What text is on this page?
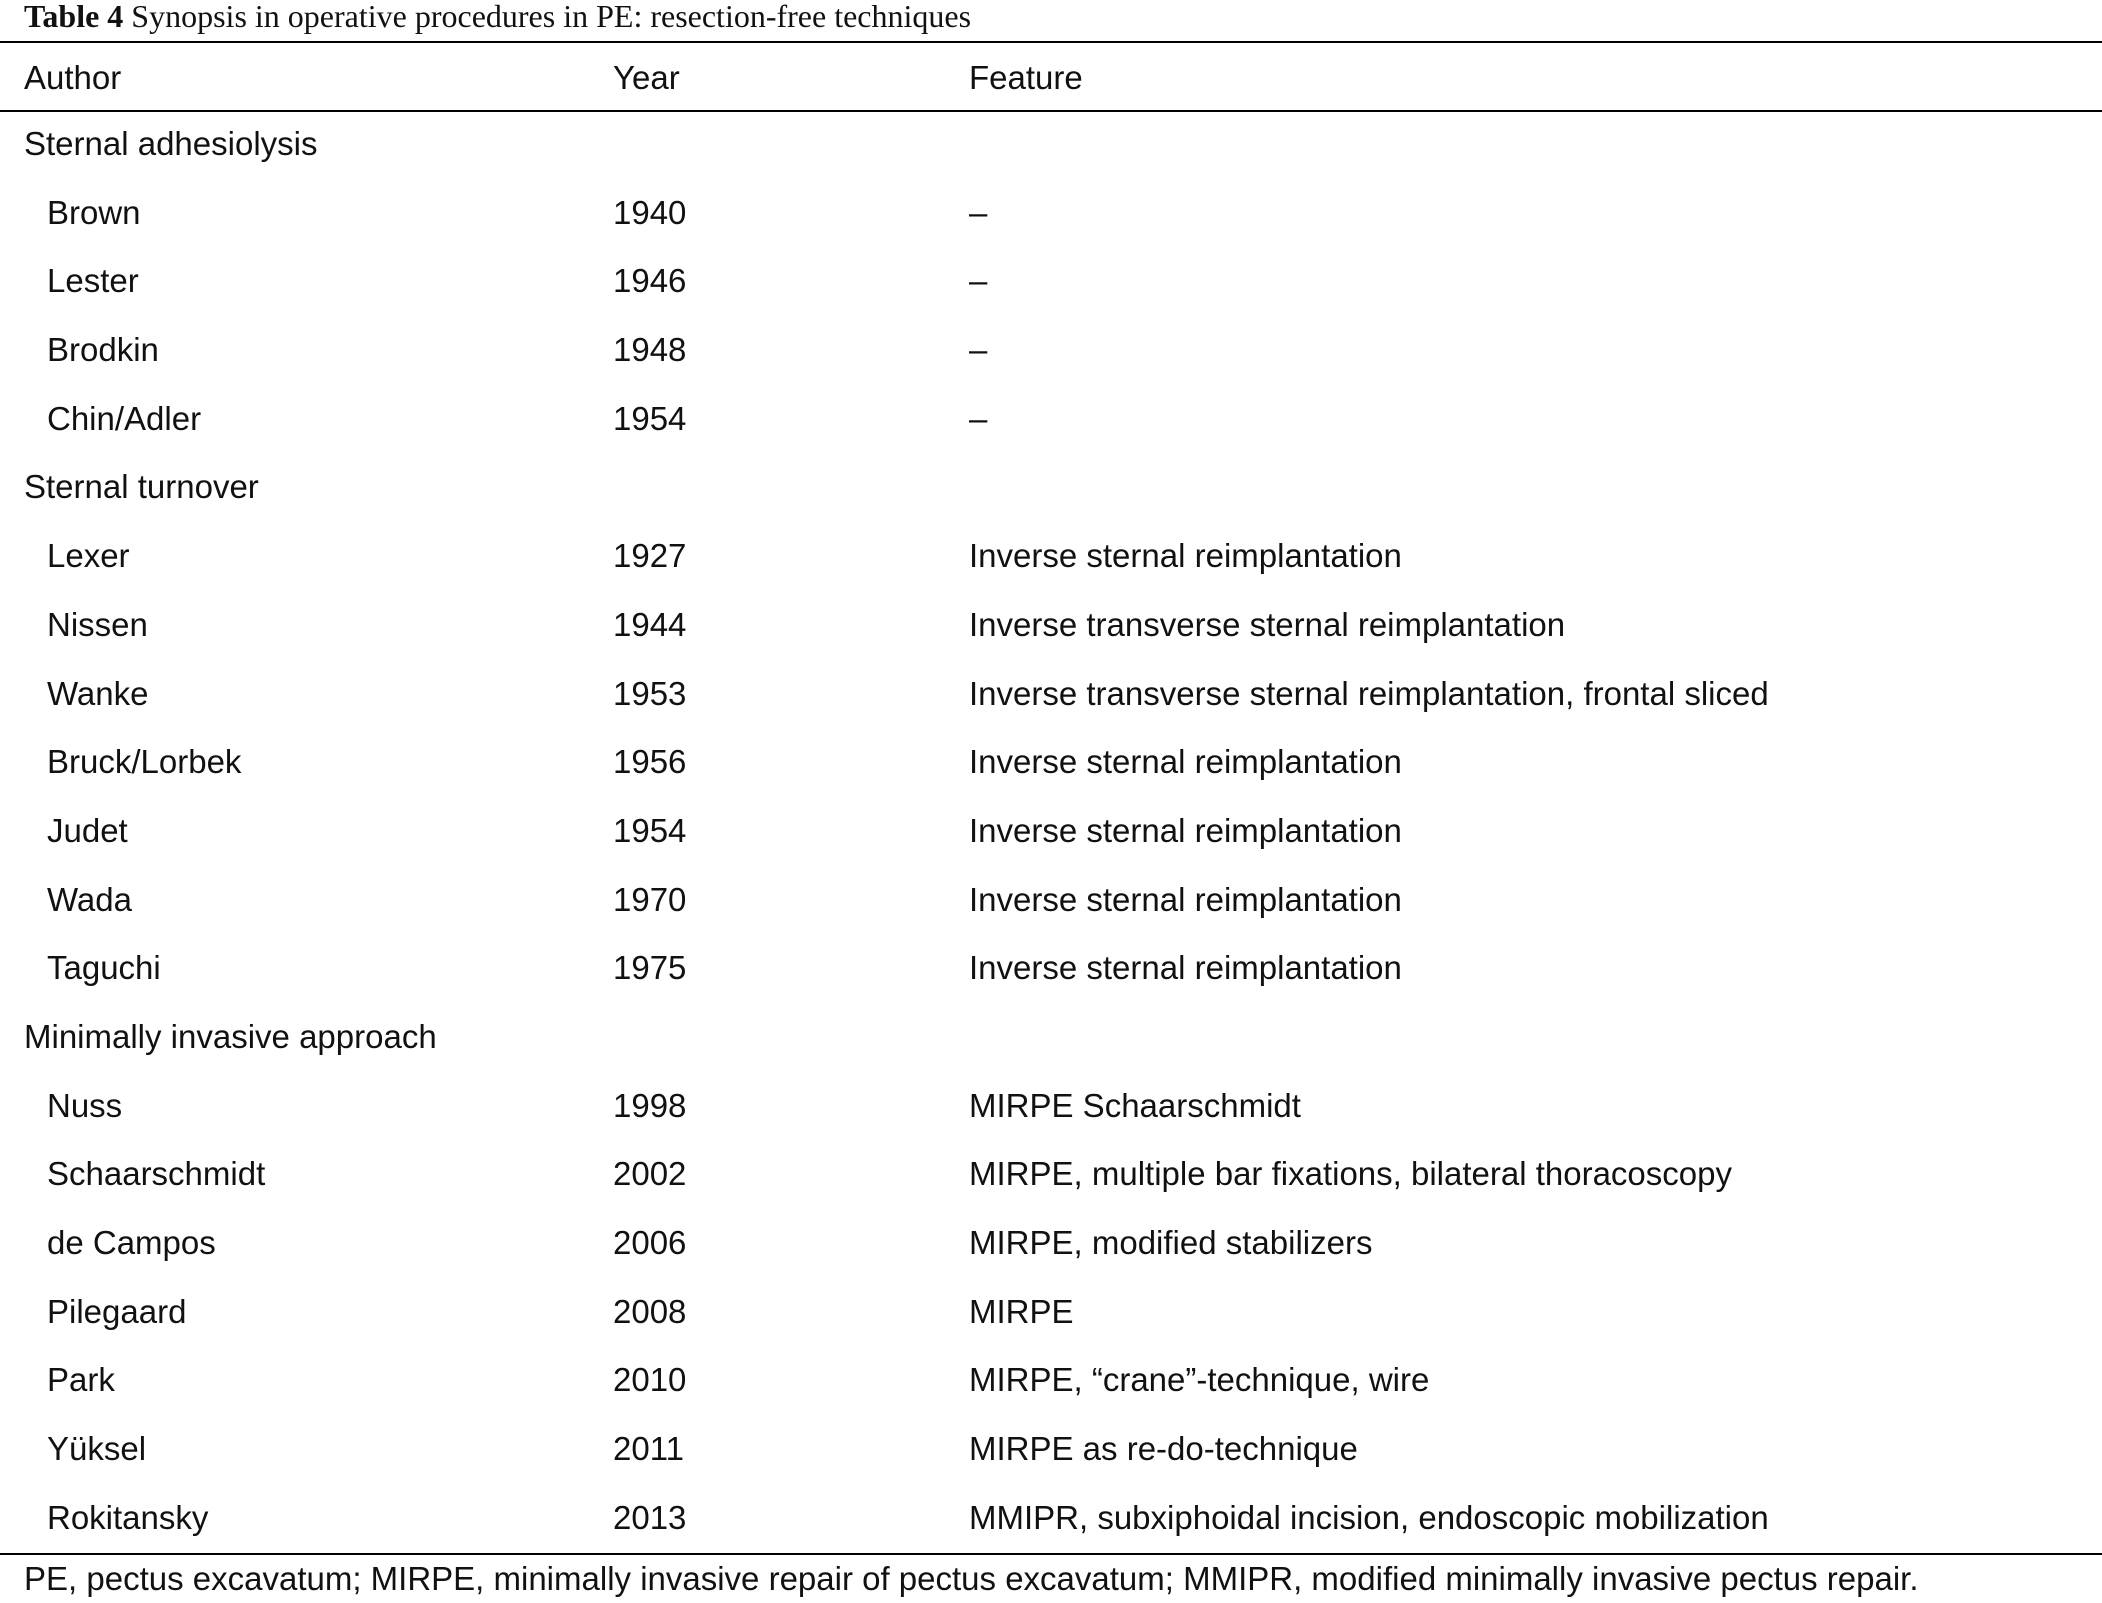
Table 4 Synopsis in operative procedures in PE: resection-free techniques
Author	Year	Feature
Sternal adhesiolysis
Brown	1940	–
Lester	1946	–
Brodkin	1948	–
Chin/Adler	1954	–
Sternal turnover
Lexer	1927	Inverse sternal reimplantation
Nissen	1944	Inverse transverse sternal reimplantation
Wanke	1953	Inverse transverse sternal reimplantation, frontal sliced
Bruck/Lorbek	1956	Inverse sternal reimplantation
Judet	1954	Inverse sternal reimplantation
Wada	1970	Inverse sternal reimplantation
Taguchi	1975	Inverse sternal reimplantation
Minimally invasive approach
Nuss	1998	MIRPE Schaarschmidt
Schaarschmidt	2002	MIRPE, multiple bar fixations, bilateral thoracoscopy
de Campos	2006	MIRPE, modified stabilizers
Pilegaard	2008	MIRPE
Park	2010	MIRPE, “crane”-technique, wire
Yüksel	2011	MIRPE as re-do-technique
Rokitansky	2013	MMIPR, subxiphoidal incision, endoscopic mobilization
PE, pectus excavatum; MIRPE, minimally invasive repair of pectus excavatum; MMIPR, modified minimally invasive pectus repair.
